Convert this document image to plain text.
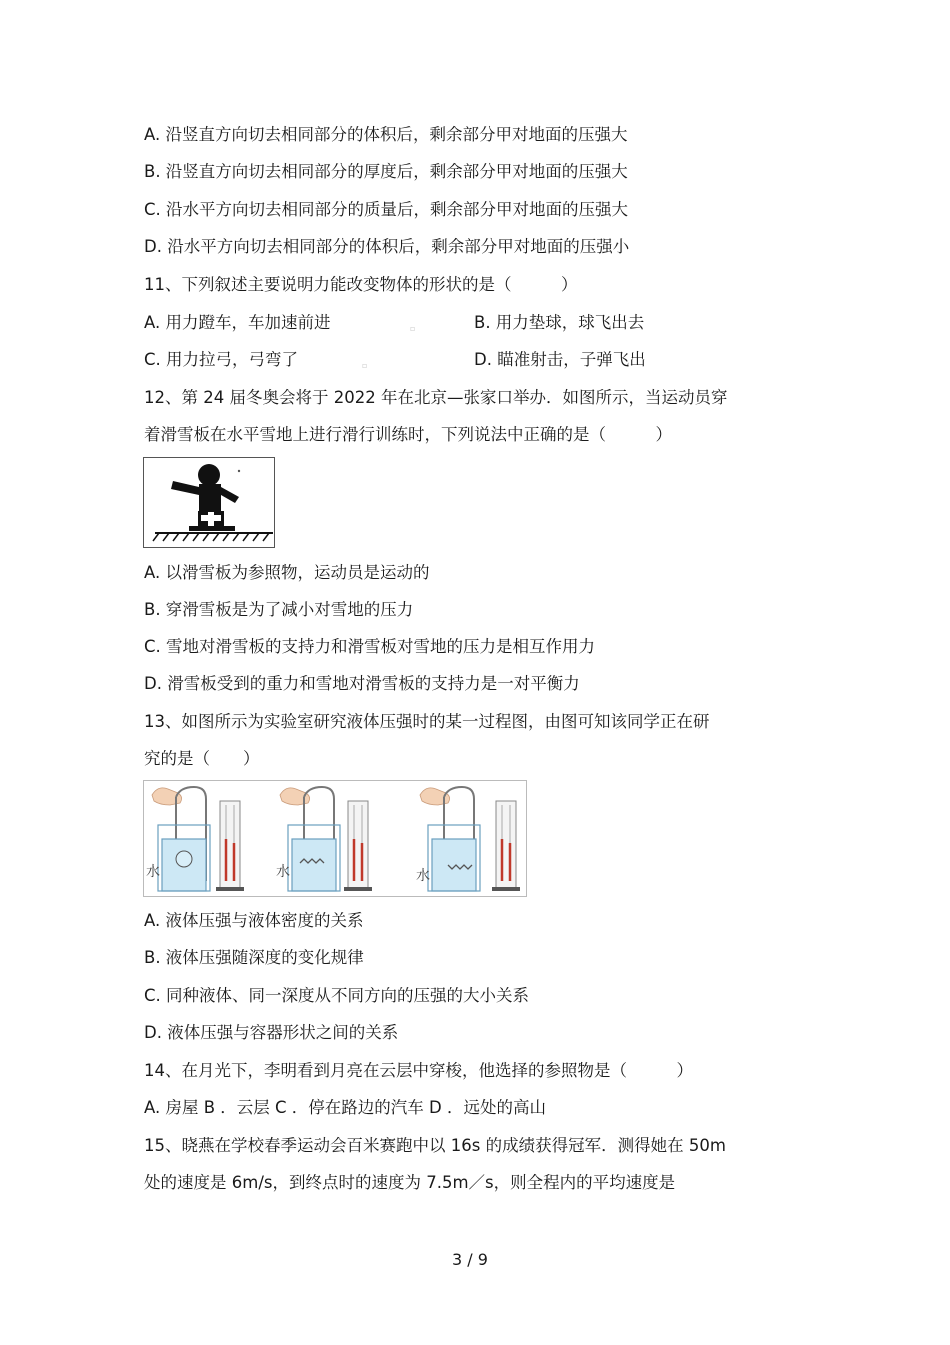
A. 沿竖直方向切去相同部分的体积后，剩余部分甲对地面的压强大
B. 沿竖直方向切去相同部分的厚度后，剩余部分甲对地面的压强大
C. 沿水平方向切去相同部分的质量后，剩余部分甲对地面的压强大
D. 沿水平方向切去相同部分的体积后，剩余部分甲对地面的压强小
11、下列叙述主要说明力能改变物体的形状的是（　　　）
A. 用力蹬车，车加速前进	▫	B. 用力垫球，球飞出去
C. 用力拉弓，弓弯了	▫	D. 瞄准射击，子弹飞出
12、第 24 届冬奥会将于 2022 年在北京—张家口举办．如图所示，当运动员穿
着滑雪板在水平雪地上进行滑行训练时，下列说法中正确的是（　　　）
A. 以滑雪板为参照物，运动员是运动的
B. 穿滑雪板是为了减小对雪地的压力
C. 雪地对滑雪板的支持力和滑雪板对雪地的压力是相互作用力
D. 滑雪板受到的重力和雪地对滑雪板的支持力是一对平衡力
13、如图所示为实验室研究液体压强时的某一过程图，由图可知该同学正在研
究的是（　　）
水	水	水
A. 液体压强与液体密度的关系
B. 液体压强随深度的变化规律
C. 同种液体、同一深度从不同方向的压强的大小关系
D. 液体压强与容器形状之间的关系
14、在月光下，李明看到月亮在云层中穿梭，他选择的参照物是（　　　）
A. 房屋 B ．云层 C ．停在路边的汽车 D ．远处的高山
15、晓燕在学校春季运动会百米赛跑中以 16s 的成绩获得冠军．测得她在 50m
处的速度是 6m/s，到终点时的速度为 7.5m／s，则全程内的平均速度是
3 / 9
